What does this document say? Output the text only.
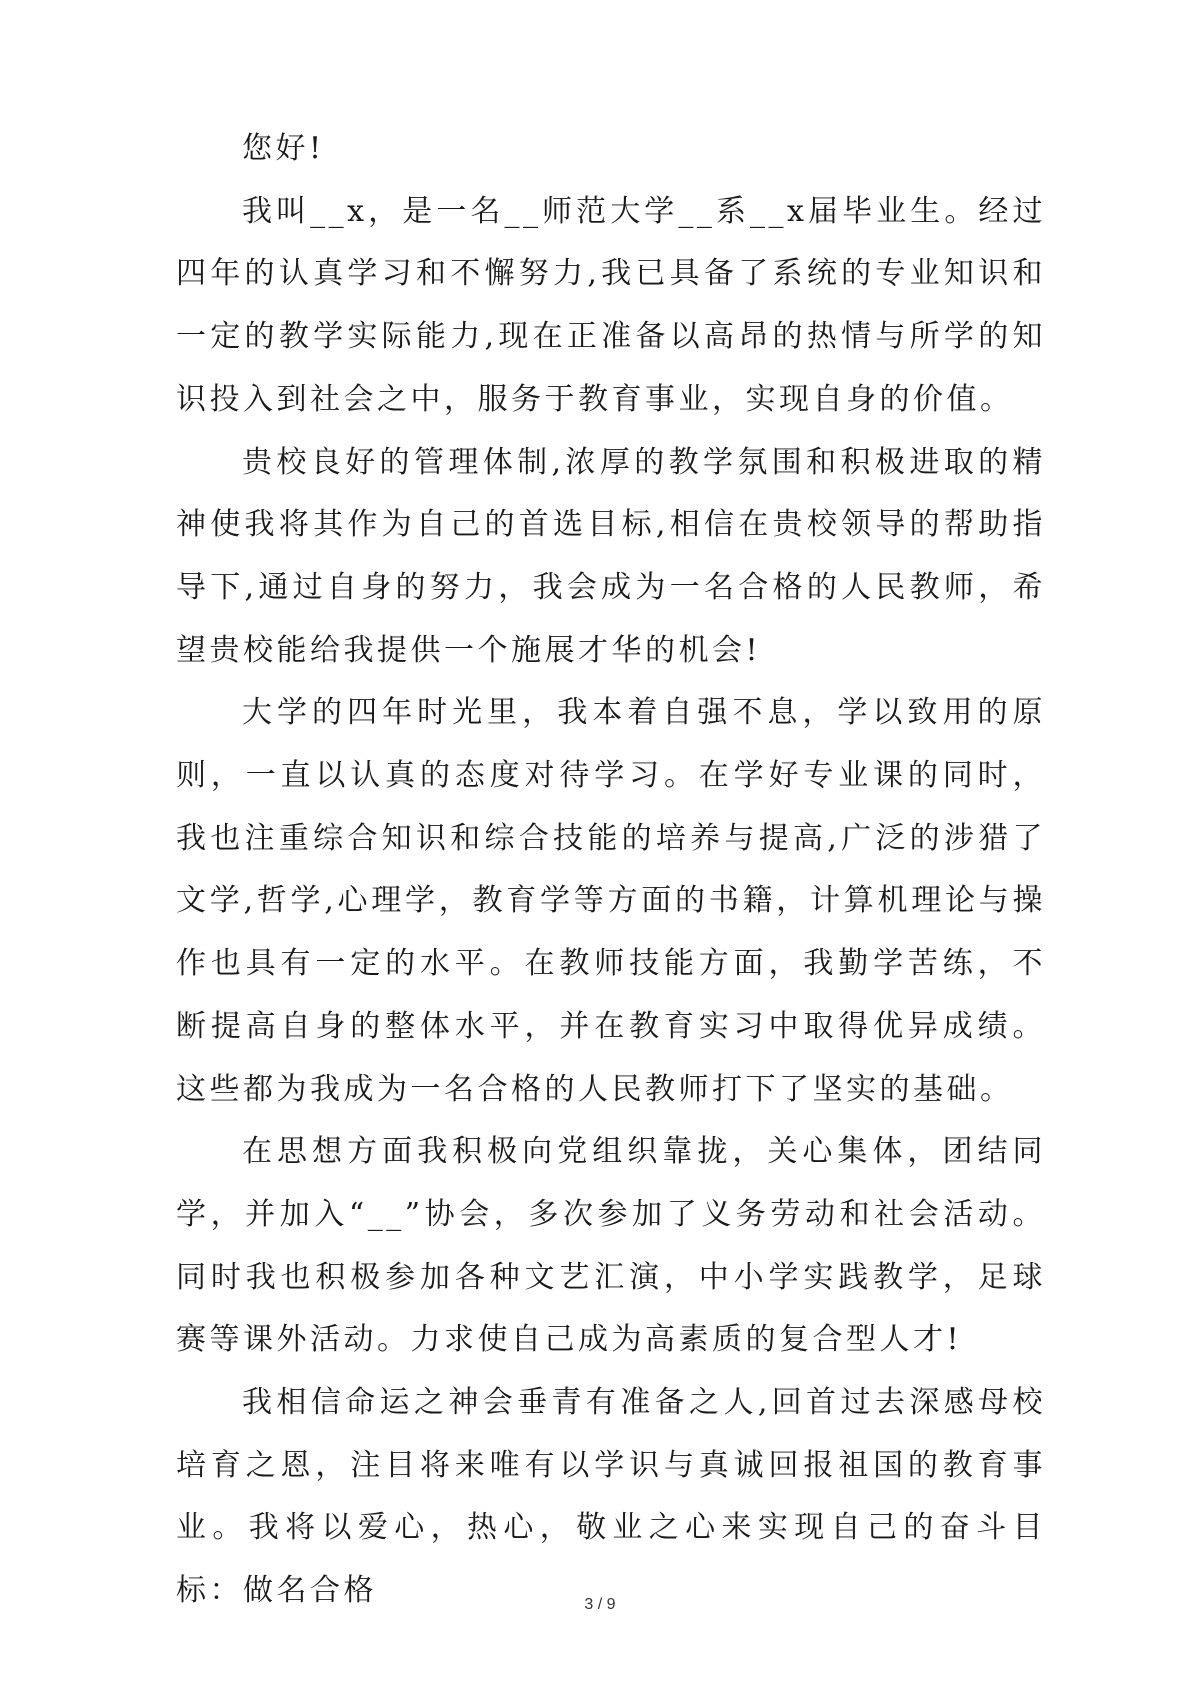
您好!

我叫__x，是一名__师范大学__系__x届毕业生。经过四年的认真学习和不懈努力,我已具备了系统的专业知识和一定的教学实际能力,现在正准备以高昂的热情与所学的知识投入到社会之中，服务于教育事业，实现自身的价值。

贵校良好的管理体制,浓厚的教学氛围和积极进取的精神使我将其作为自己的首选目标,相信在贵校领导的帮助指导下,通过自身的努力，我会成为一名合格的人民教师，希望贵校能给我提供一个施展才华的机会!

大学的四年时光里，我本着自强不息，学以致用的原则，一直以认真的态度对待学习。在学好专业课的同时，我也注重综合知识和综合技能的培养与提高,广泛的涉猎了文学,哲学,心理学，教育学等方面的书籍，计算机理论与操作也具有一定的水平。在教师技能方面，我勤学苦练，不断提高自身的整体水平，并在教育实习中取得优异成绩。这些都为我成为一名合格的人民教师打下了坚实的基础。

在思想方面我积极向党组织靠拢，关心集体，团结同学，并加入“__”协会，多次参加了义务劳动和社会活动。同时我也积极参加各种文艺汇演，中小学实践教学，足球赛等课外活动。力求使自己成为高素质的复合型人才!

我相信命运之神会垂青有准备之人,回首过去深感母校培育之恩，注目将来唯有以学识与真诚回报祖国的教育事业。我将以爱心，热心，敬业之心来实现自己的奋斗目标：做名合格	3 / 9
